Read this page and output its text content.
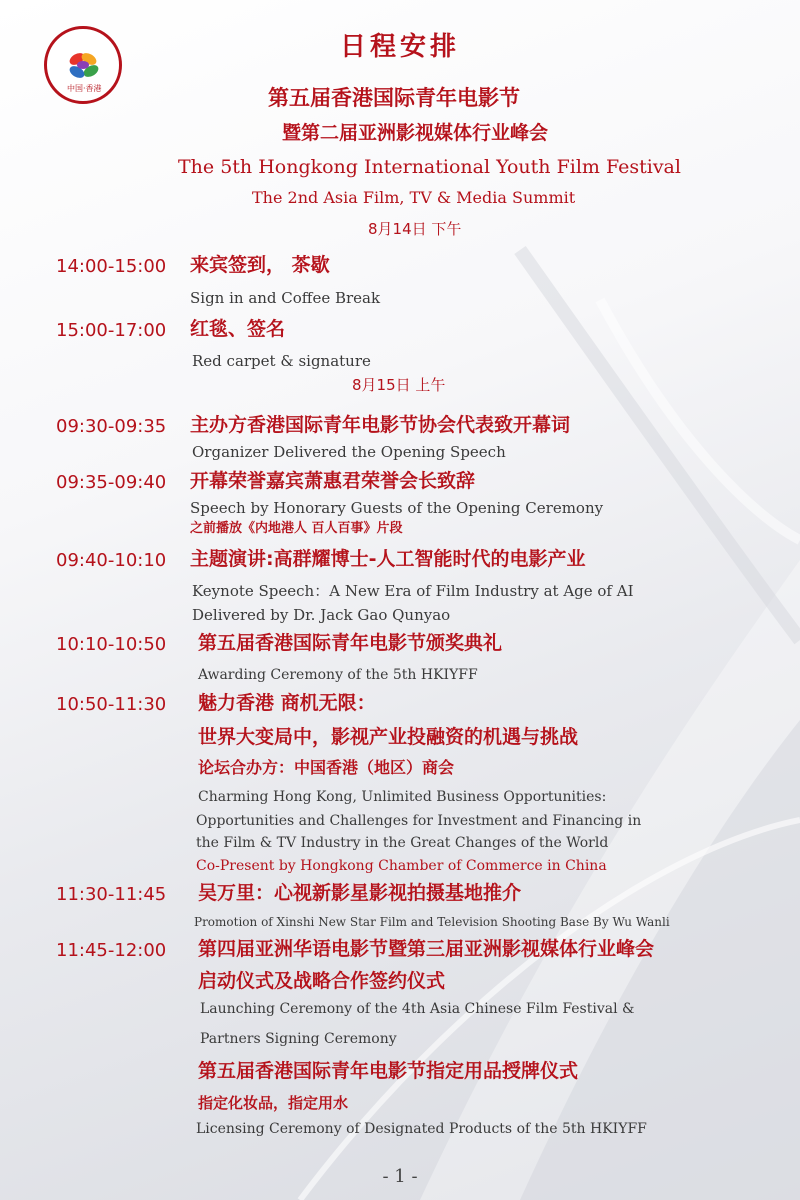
中国·香港
日程安排
第五届香港国际青年电影节
暨第二届亚洲影视媒体行业峰会
The 5th Hongkong International Youth Film Festival
The 2nd Asia Film, TV & Media Summit
8月14日 下午
14:00-15:00 来宾签到， 茶歇
Sign in and Coffee Break
15:00-17:00 红毯、签名
Red carpet & signature
8月15日 上午
09:30-09:35 主办方香港国际青年电影节协会代表致开幕词
Organizer Delivered the Opening Speech
09:35-09:40 开幕荣誉嘉宾萧惠君荣誉会长致辞
Speech by Honorary Guests of the Opening Ceremony
之前播放《内地港人 百人百事》片段
09:40-10:10 主题演讲:高群耀博士-人工智能时代的电影产业
Keynote Speech：A New Era of Film Industry at Age of AI
Delivered by Dr. Jack Gao Qunyao
10:10-10:50 第五届香港国际青年电影节颁奖典礼
Awarding Ceremony of the 5th HKIYFF
10:50-11:30 魅力香港 商机无限：
世界大变局中，影视产业投融资的机遇与挑战
论坛合办方：中国香港（地区）商会
Charming Hong Kong, Unlimited Business Opportunities:
Opportunities and Challenges for Investment and Financing in
the Film & TV Industry in the Great Changes of the World
Co-Present by Hongkong Chamber of Commerce in China
11:30-11:45 吴万里：心视新影星影视拍摄基地推介
Promotion of Xinshi New Star Film and Television Shooting Base By Wu Wanli
11:45-12:00 第四届亚洲华语电影节暨第三届亚洲影视媒体行业峰会
启动仪式及战略合作签约仪式
Launching Ceremony of the 4th Asia Chinese Film Festival &
Partners Signing Ceremony
第五届香港国际青年电影节指定用品授牌仪式
指定化妆品，指定用水
Licensing Ceremony of Designated Products of the 5th HKIYFF
- 1 -
